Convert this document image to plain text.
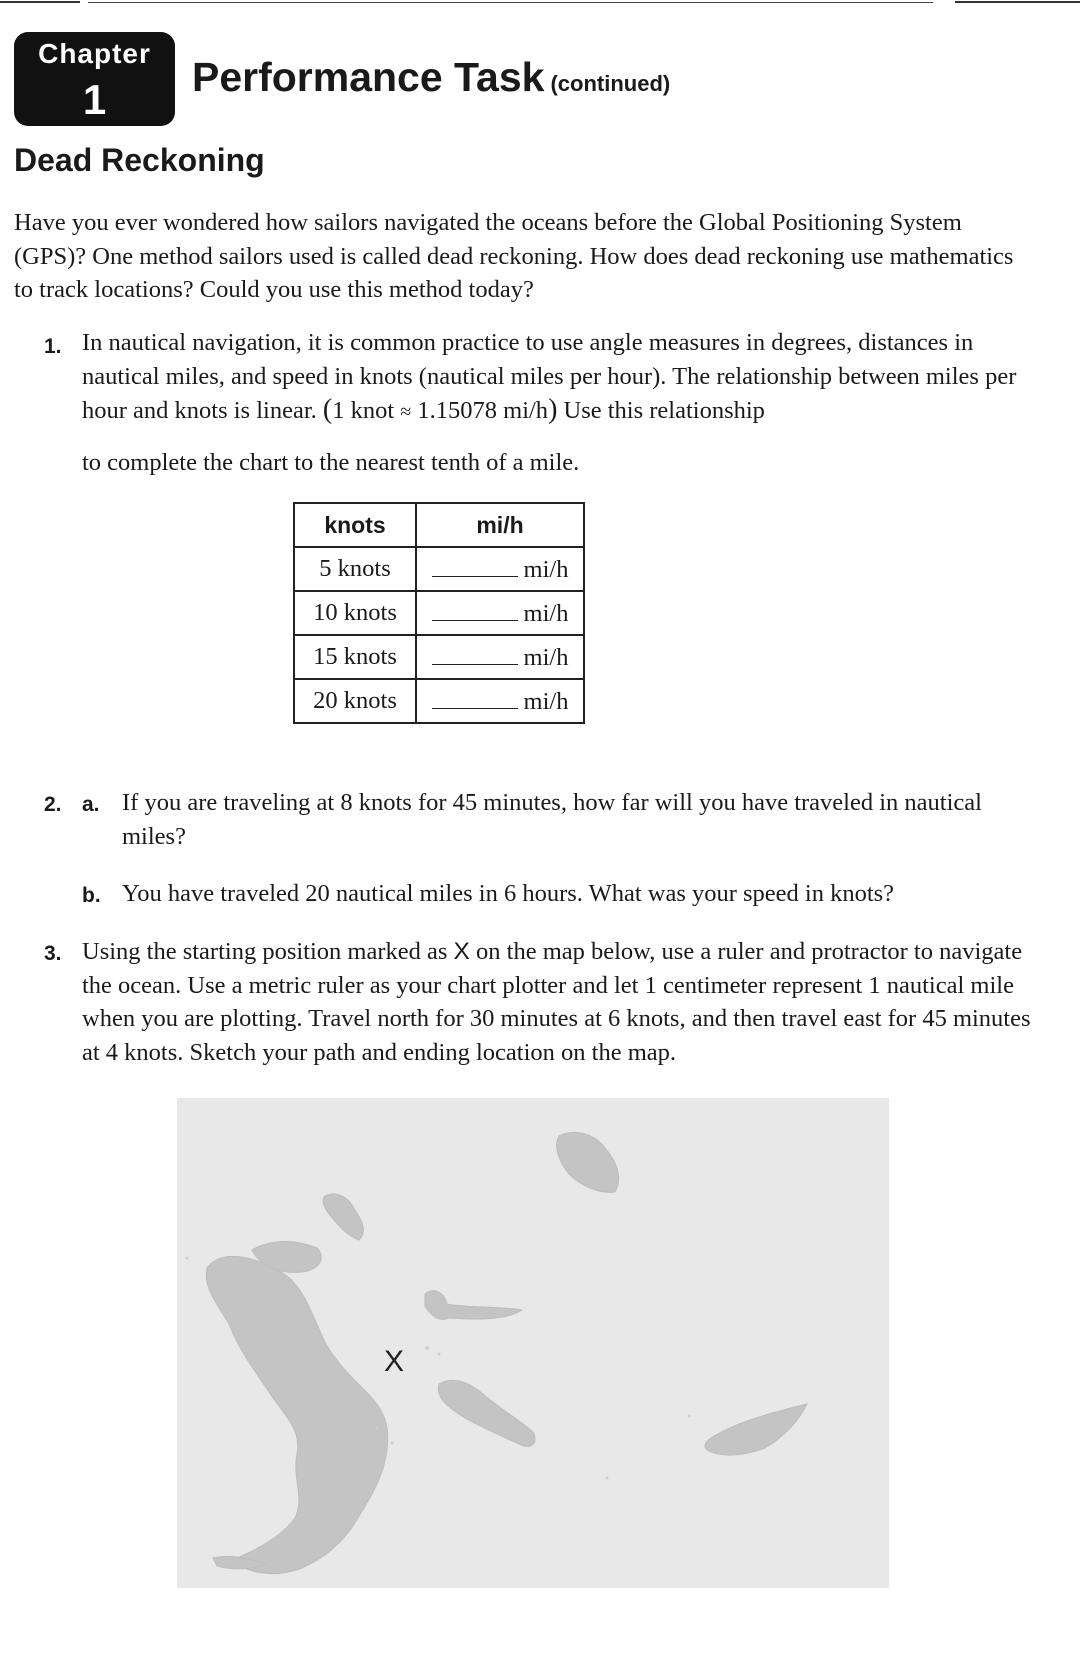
Chapter
1	Performance Task (continued)
Dead Reckoning

Have you ever wondered how sailors navigated the oceans before the Global Positioning System (GPS)? One method sailors used is called dead reckoning. How does dead reckoning use mathematics to track locations? Could you use this method today?

1. In nautical navigation, it is common practice to use angle measures in degrees, distances in nautical miles, and speed in knots (nautical miles per hour). The relationship between miles per hour and knots is linear. (1 knot ≈ 1.15078 mi/h) Use this relationship

to complete the chart to the nearest tenth of a mile.

knots	mi/h
5 knots	mi/h
10 knots	mi/h
15 knots	mi/h
20 knots	mi/h
2. a. If you are traveling at 8 knots for 45 minutes, how far will you have traveled in nautical miles?

b. You have traveled 20 nautical miles in 6 hours. What was your speed in knots?

3. Using the starting position marked as X on the map below, use a ruler and protractor to navigate the ocean. Use a metric ruler as your chart plotter and let 1 centimeter represent 1 nautical mile when you are plotting. Travel north for 30 minutes at 6 knots, and then travel east for 45 minutes at 4 knots. Sketch your path and ending location on the map.

X
